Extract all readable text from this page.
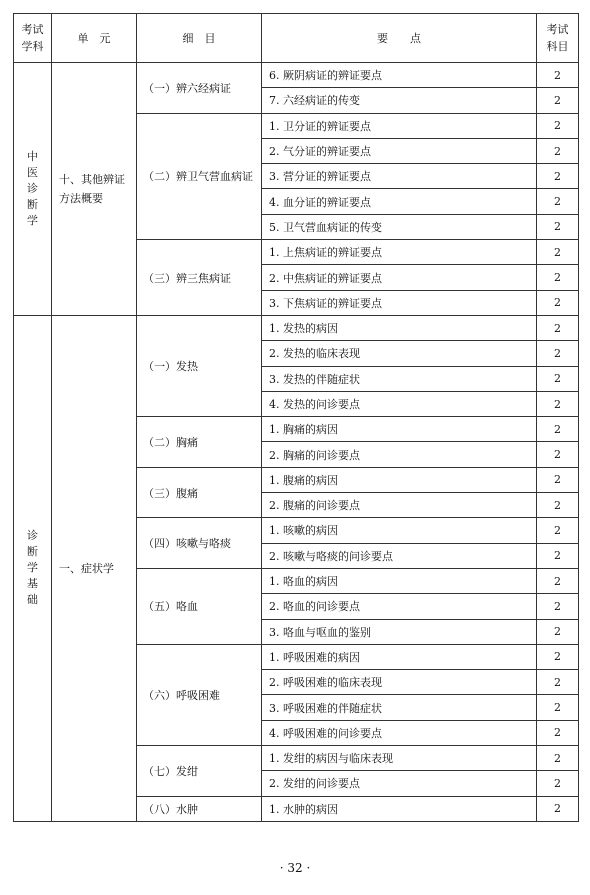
考试学科	单　元	细　目	要　　点	考试科目
中医诊断学	十、其他辨证方法概要	（一）辨六经病证	6. 厥阴病证的辨证要点	2
			7. 六经病证的传变	2
		（二）辨卫气营血病证	1. 卫分证的辨证要点	2
			2. 气分证的辨证要点	2
			3. 营分证的辨证要点	2
			4. 血分证的辨证要点	2
			5. 卫气营血病证的传变	2
		（三）辨三焦病证	1. 上焦病证的辨证要点	2
			2. 中焦病证的辨证要点	2
			3. 下焦病证的辨证要点	2
诊断学基础	一、症状学	（一）发热	1. 发热的病因	2
			2. 发热的临床表现	2
			3. 发热的伴随症状	2
			4. 发热的问诊要点	2
		（二）胸痛	1. 胸痛的病因	2
			2. 胸痛的问诊要点	2
		（三）腹痛	1. 腹痛的病因	2
			2. 腹痛的问诊要点	2
		（四）咳嗽与咯痰	1. 咳嗽的病因	2
			2. 咳嗽与咯痰的问诊要点	2
		（五）咯血	1. 咯血的病因	2
			2. 咯血的问诊要点	2
			3. 咯血与呕血的鉴别	2
		（六）呼吸困难	1. 呼吸困难的病因	2
			2. 呼吸困难的临床表现	2
			3. 呼吸困难的伴随症状	2
			4. 呼吸困难的问诊要点	2
		（七）发绀	1. 发绀的病因与临床表现	2
			2. 发绀的问诊要点	2
		（八）水肿	1. 水肿的病因	2
· 32 ·
